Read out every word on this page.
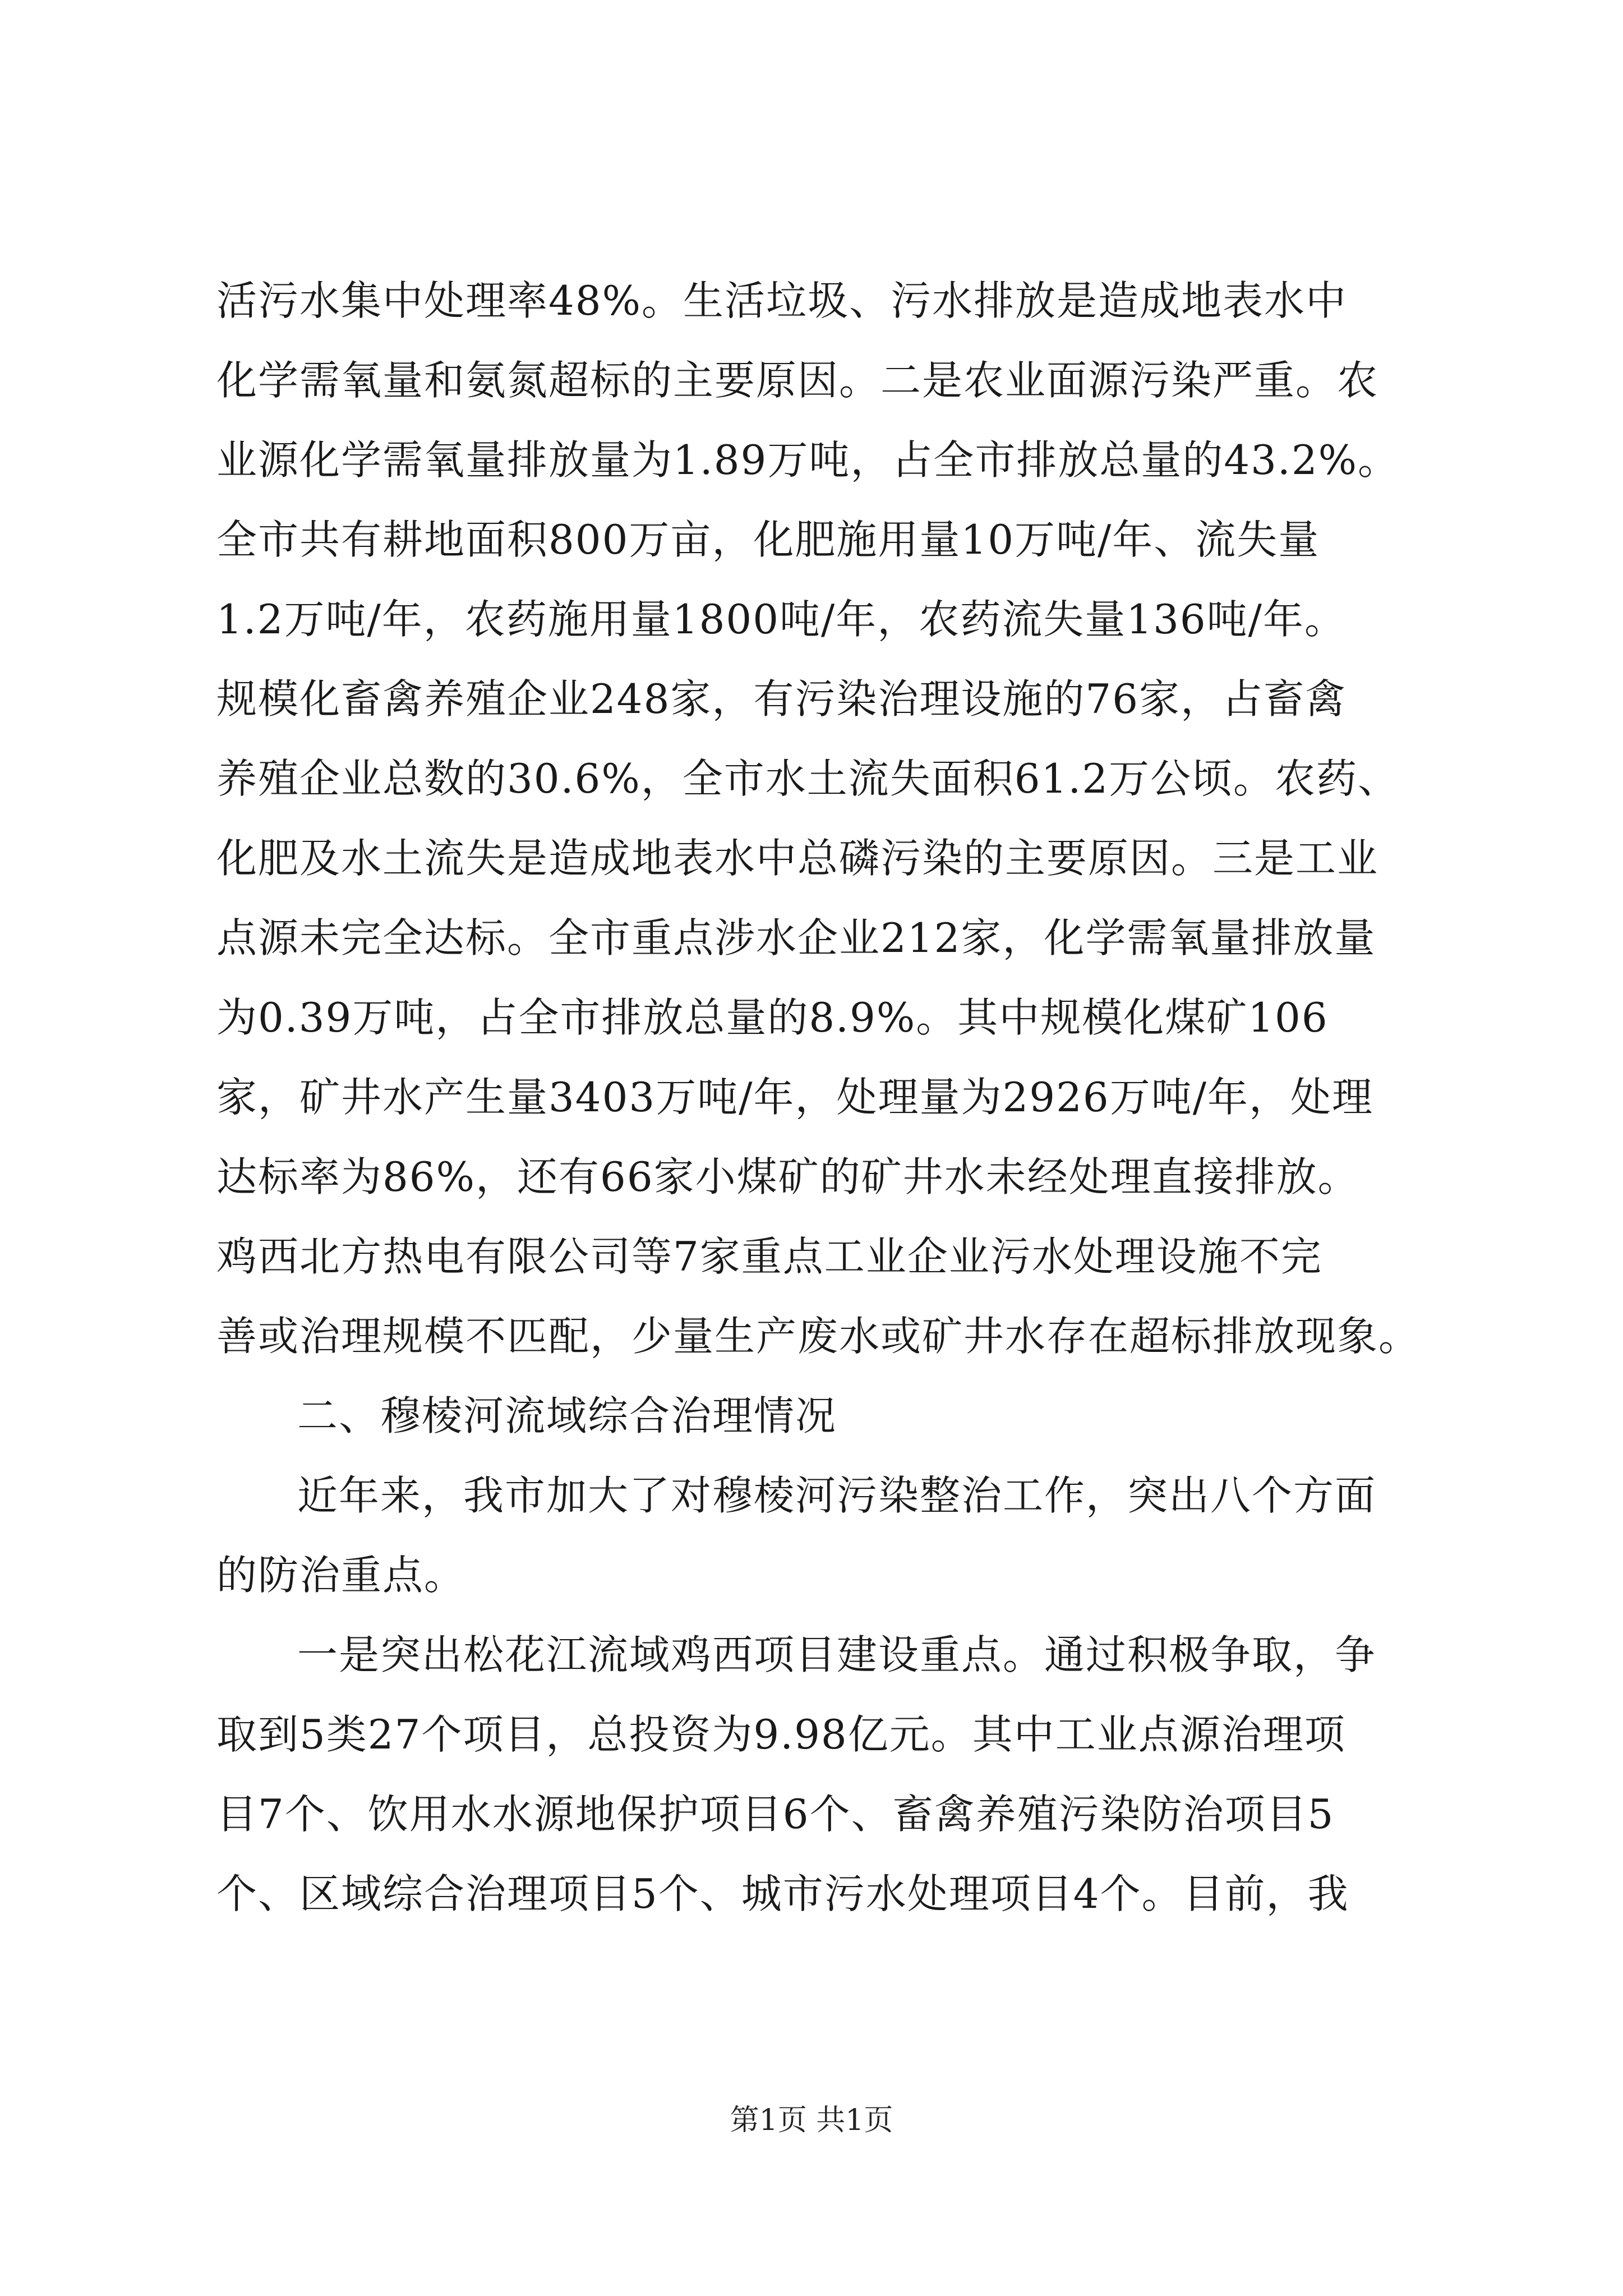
活污水集中处理率48%。生活垃圾、污水排放是造成地表水中
化学需氧量和氨氮超标的主要原因。二是农业面源污染严重。农
业源化学需氧量排放量为1.89万吨，占全市排放总量的43.2%。
全市共有耕地面积800万亩，化肥施用量10万吨/年、流失量
1.2万吨/年，农药施用量1800吨/年，农药流失量136吨/年。
规模化畜禽养殖企业248家，有污染治理设施的76家，占畜禽
养殖企业总数的30.6%，全市水土流失面积61.2万公顷。农药、
化肥及水土流失是造成地表水中总磷污染的主要原因。三是工业
点源未完全达标。全市重点涉水企业212家，化学需氧量排放量
为0.39万吨，占全市排放总量的8.9%。其中规模化煤矿106
家，矿井水产生量3403万吨/年，处理量为2926万吨/年，处理
达标率为86%，还有66家小煤矿的矿井水未经处理直接排放。
鸡西北方热电有限公司等7家重点工业企业污水处理设施不完
善或治理规模不匹配，少量生产废水或矿井水存在超标排放现象。
二、穆棱河流域综合治理情况
近年来，我市加大了对穆棱河污染整治工作，突出八个方面
的防治重点。
一是突出松花江流域鸡西项目建设重点。通过积极争取，争
取到5类27个项目，总投资为9.98亿元。其中工业点源治理项
目7个、饮用水水源地保护项目6个、畜禽养殖污染防治项目5
个、区域综合治理项目5个、城市污水处理项目4个。目前，我
第1页 共1页
